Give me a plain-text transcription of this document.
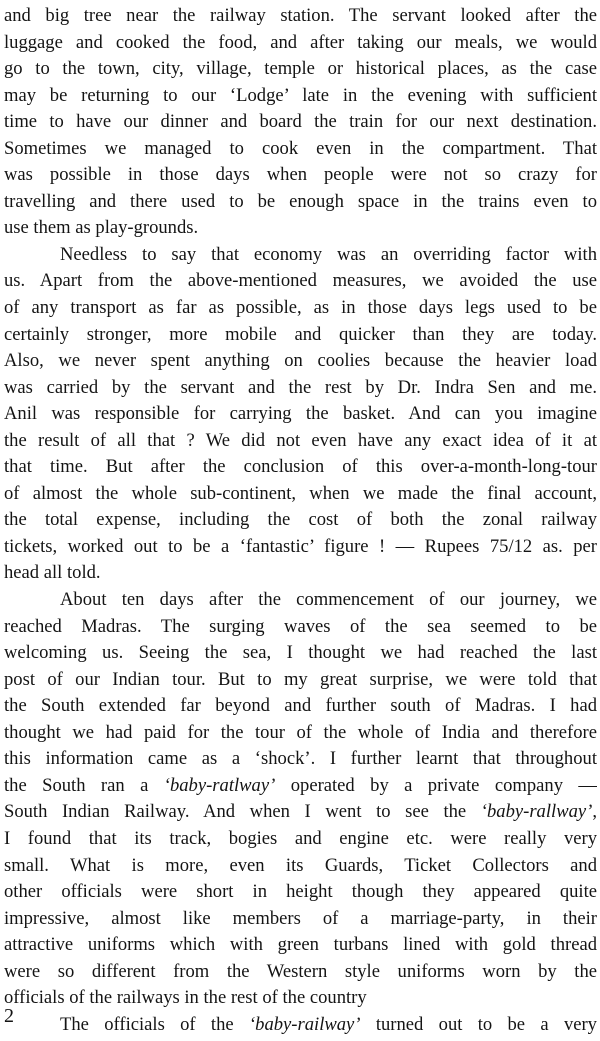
and big tree near the railway station. The servant looked after the
luggage and cooked the food, and after taking our meals, we would
go to the town, city, village, temple or historical places, as the case
may be returning to our ‘Lodge’ late in the evening with sufficient
time to have our dinner and board the train for our next destination.
Sometimes we managed to cook even in the compartment. That
was possible in those days when people were not so crazy for
travelling and there used to be enough space in the trains even to
use them as play-grounds.
Needless to say that economy was an overriding factor with
us. Apart from the above-mentioned measures, we avoided the use
of any transport as far as possible, as in those days legs used to be
certainly stronger, more mobile and quicker than they are today.
Also, we never spent anything on coolies because the heavier load
was carried by the servant and the rest by Dr. Indra Sen and me.
Anil was responsible for carrying the basket. And can you imagine
the result of all that ? We did not even have any exact idea of it at
that time. But after the conclusion of this over-a-month-long-tour
of almost the whole sub-continent, when we made the final account,
the total expense, including the cost of both the zonal railway
tickets, worked out to be a ‘fantastic’ figure ! — Rupees 75/12 as. per
head all told.
About ten days after the commencement of our journey, we
reached Madras. The surging waves of the sea seemed to be
welcoming us. Seeing the sea, I thought we had reached the last
post of our Indian tour. But to my great surprise, we were told that
the South extended far beyond and further south of Madras. I had
thought we had paid for the tour of the whole of India and therefore
this information came as a ‘shock’. I further learnt that throughout
the South ran a ‘baby-ratlway’ operated by a private company —
South Indian Railway. And when I went to see the ‘baby-rallway’,
I found that its track, bogies and engine etc. were really very
small. What is more, even its Guards, Ticket Collectors and
other officials were short in height though they appeared quite
impressive, almost like members of a marriage-party, in their
attractive uniforms which with green turbans lined with gold thread
were so different from the Western style uniforms worn by the
officials of the railways in the rest of the country
The officials of the ‘baby-railway’ turned out to be a very
2
